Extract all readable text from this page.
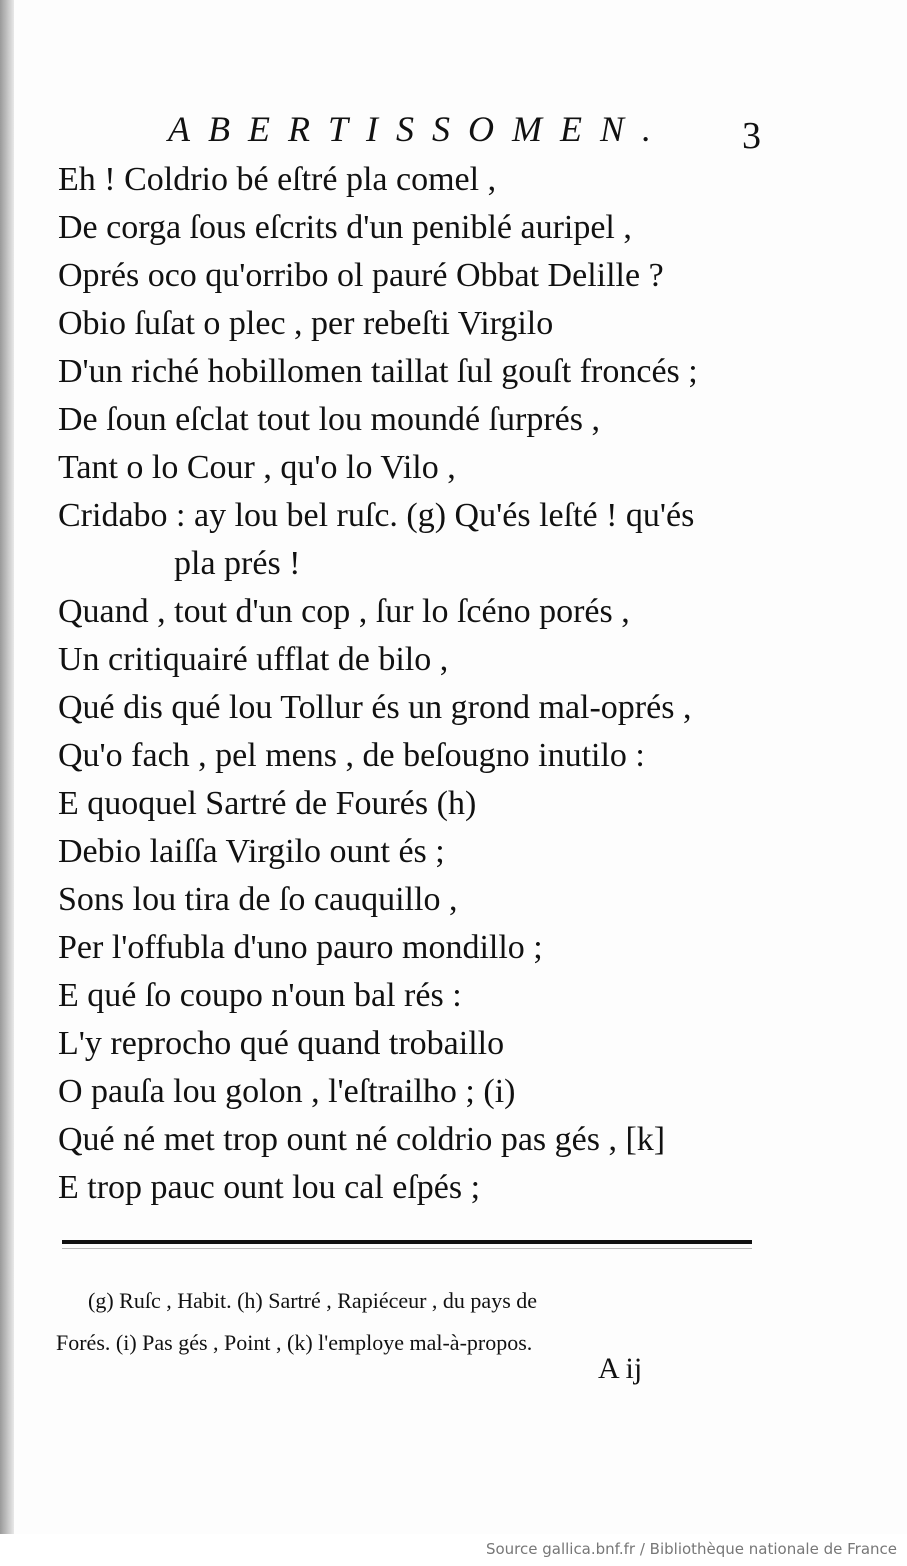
ABERTISSOMEN. 3
Eh ! Coldrio bé eſtré pla comel ,
De corga ſous eſcrits d'un peniblé auripel ,
Oprés oco qu'orribo ol pauré Obbat Delille ?
Obio ſuſat o plec , per rebeſti Virgilo
D'un riché hobillomen taillat ſul gouſt froncés ;
De ſoun eſclat tout lou moundé ſurprés ,
Tant o lo Cour , qu'o lo Vilo ,
Cridabo : ay lou bel ruſc. (g) Qu'és leſté ! qu'és
pla prés !
Quand , tout d'un cop , ſur lo ſcéno porés ,
Un critiquairé ufflat de bilo ,
Qué dis qué lou Tollur és un grond mal-oprés ,
Qu'o fach , pel mens , de beſougno inutilo :
E quoquel Sartré de Fourés (h)
Debio laiſſa Virgilo ount és ;
Sons lou tira de ſo cauquillo ,
Per l'offubla d'uno pauro mondillo ;
E qué ſo coupo n'oun bal rés :
L'y reprocho qué quand trobaillo
O pauſa lou golon , l'eſtrailho ; (i)
Qué né met trop ount né coldrio pas gés , [k]
E trop pauc ount lou cal eſpés ;
(g) Ruſc , Habit. (h) Sartré , Rapiéceur , du pays de
Forés. (i) Pas gés , Point , (k) l'employe mal-à-propos.
A ij
Source gallica.bnf.fr / Bibliothèque nationale de France
